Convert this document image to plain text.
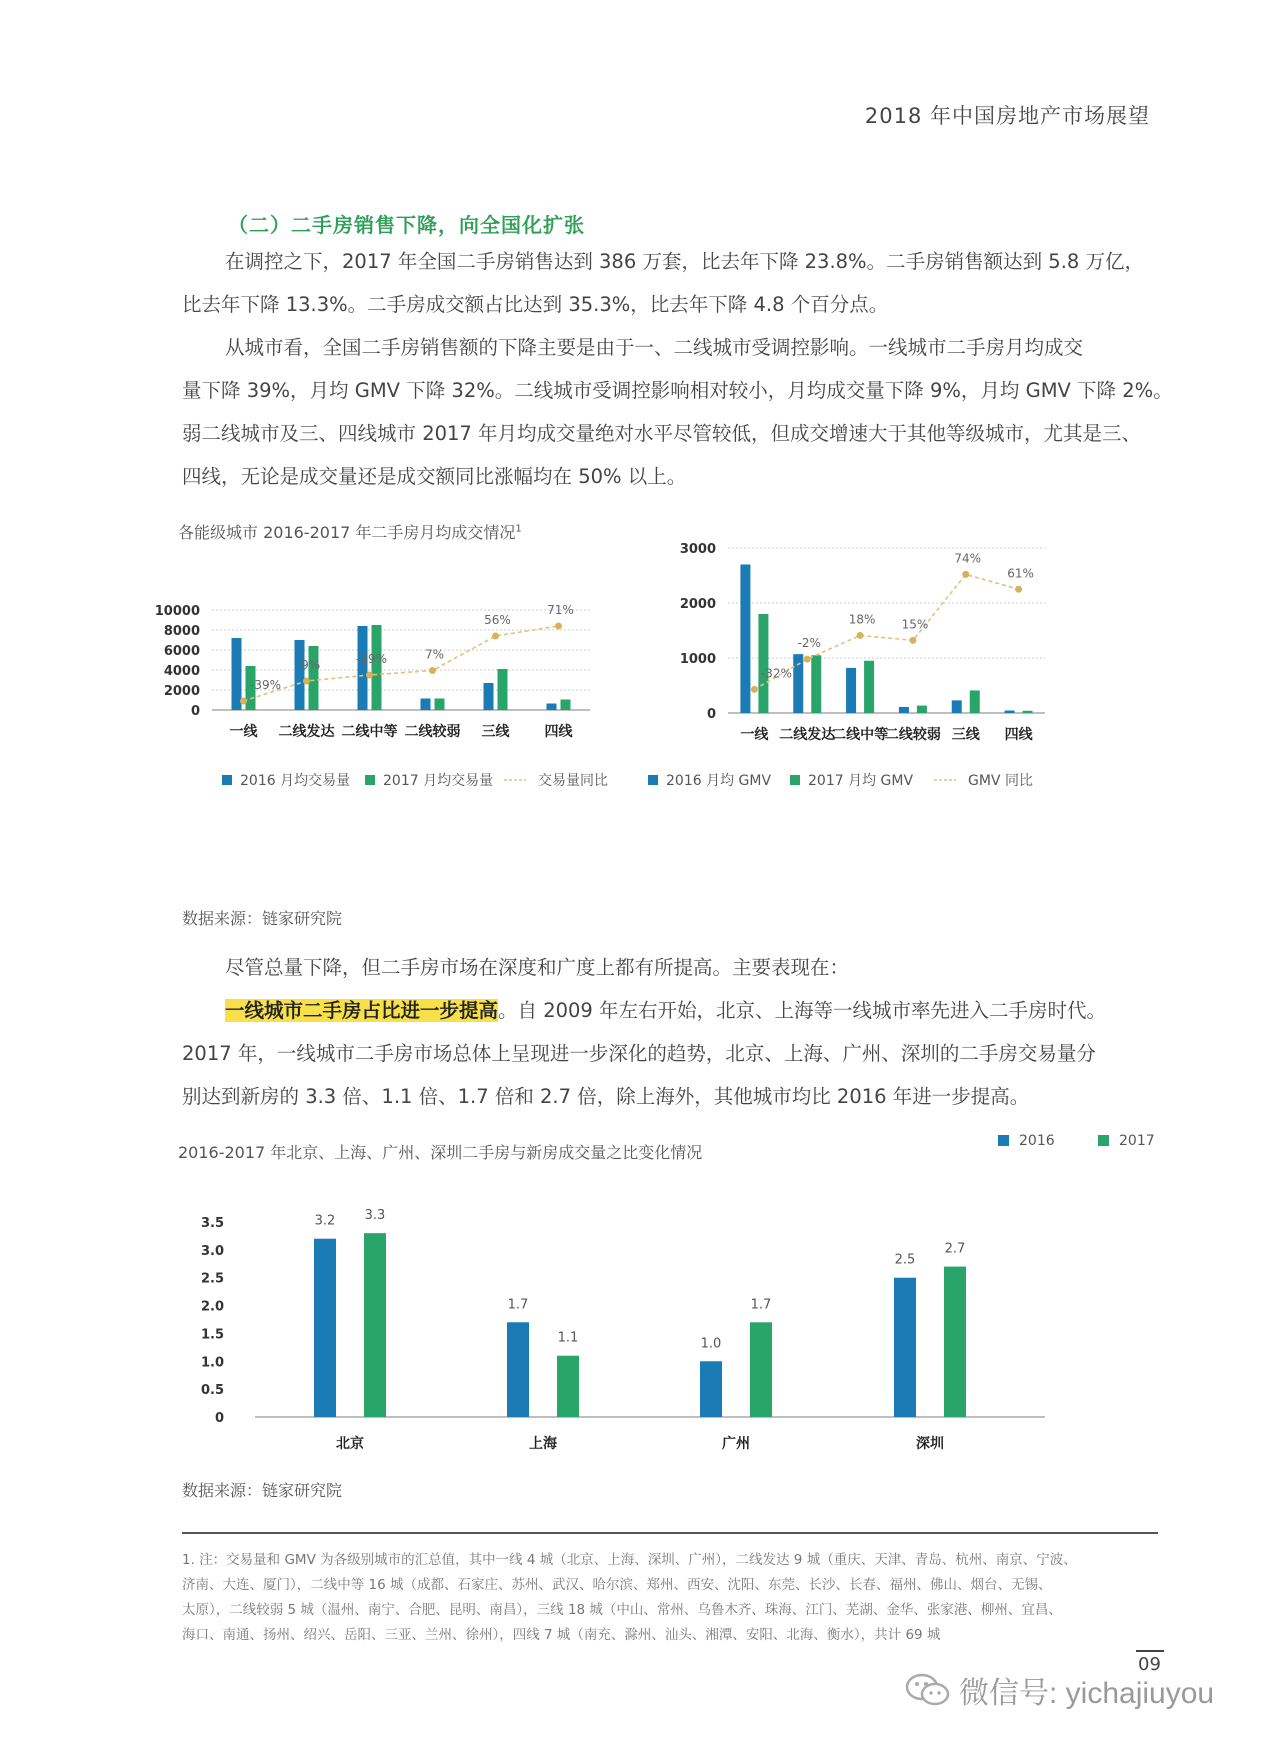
2018 年中国房地产市场展望
（二）二手房销售下降，向全国化扩张
在调控之下，2017 年全国二手房销售达到 386 万套，比去年下降 23.8%。二手房销售额达到 5.8 万亿，
比去年下降 13.3%。二手房成交额占比达到 35.3%，比去年下降 4.8 个百分点。
从城市看，全国二手房销售额的下降主要是由于一、二线城市受调控影响。一线城市二手房月均成交
量下降 39%，月均 GMV 下降 32%。二线城市受调控影响相对较小，月均成交量下降 9%，月均 GMV 下降 2%。
弱二线城市及三、四线城市 2017 年月均成交量绝对水平尽管较低，但成交增速大于其他等级城市，尤其是三、
四线，无论是成交量还是成交额同比涨幅均在 50% 以上。
各能级城市 2016-2017 年二手房月均成交情况$^1$
0
2000
4000
6000
8000
10000
一线 二线发达 二线中等 二线较弱 三线	四线
-39%
-9%	-19%	7%
56%
71%
2016 月均交易量 2017 月均交易量	交易量同比
0
1000
2000
3000
一线 二线发达
二线中等
二线较弱 三线 四线
-32%
-2%
18% 15%
74%
61%
2016 月均 GMV	2017 月均 GMV	GMV 同比
数据来源：链家研究院
尽管总量下降，但二手房市场在深度和广度上都有所提高。主要表现在：
一线城市二手房占比进一步提高。自 2009 年左右开始，北京、上海等一线城市率先进入二手房时代。
2017 年，一线城市二手房市场总体上呈现进一步深化的趋势，北京、上海、广州、深圳的二手房交易量分
别达到新房的 3.3 倍、1.1 倍、1.7 倍和 2.7 倍，除上海外，其他城市均比 2016 年进一步提高。
2016-2017 年北京、上海、广州、深圳二手房与新房成交量之比变化情况
0
0.5
1.0
1.5
2.0
2.5
3.0
3.5	3.2 3.3
北京
1.7
1.1
上海
1.0
1.7
广州
2.5
2.7
深圳
2016	2017
数据来源：链家研究院
1. 注：交易量和 GMV 为各级别城市的汇总值，其中一线 4 城（北京、上海、深圳、广州），二线发达 9 城（重庆、天津、青岛、杭州、南京、宁波、
济南、大连、厦门），二线中等 16 城（成都、石家庄、苏州、武汉、哈尔滨、郑州、西安、沈阳、东莞、长沙、长春、福州、佛山、烟台、无锡、
太原），二线较弱 5 城（温州、南宁、合肥、昆明、南昌），三线 18 城（中山、常州、乌鲁木齐、珠海、江门、芜湖、金华、张家港、柳州、宜昌、
海口、南通、扬州、绍兴、岳阳、三亚、兰州、徐州），四线 7 城（南充、滁州、汕头、湘潭、安阳、北海、衡水），共计 69 城
09
微信号: yichajiuyou
